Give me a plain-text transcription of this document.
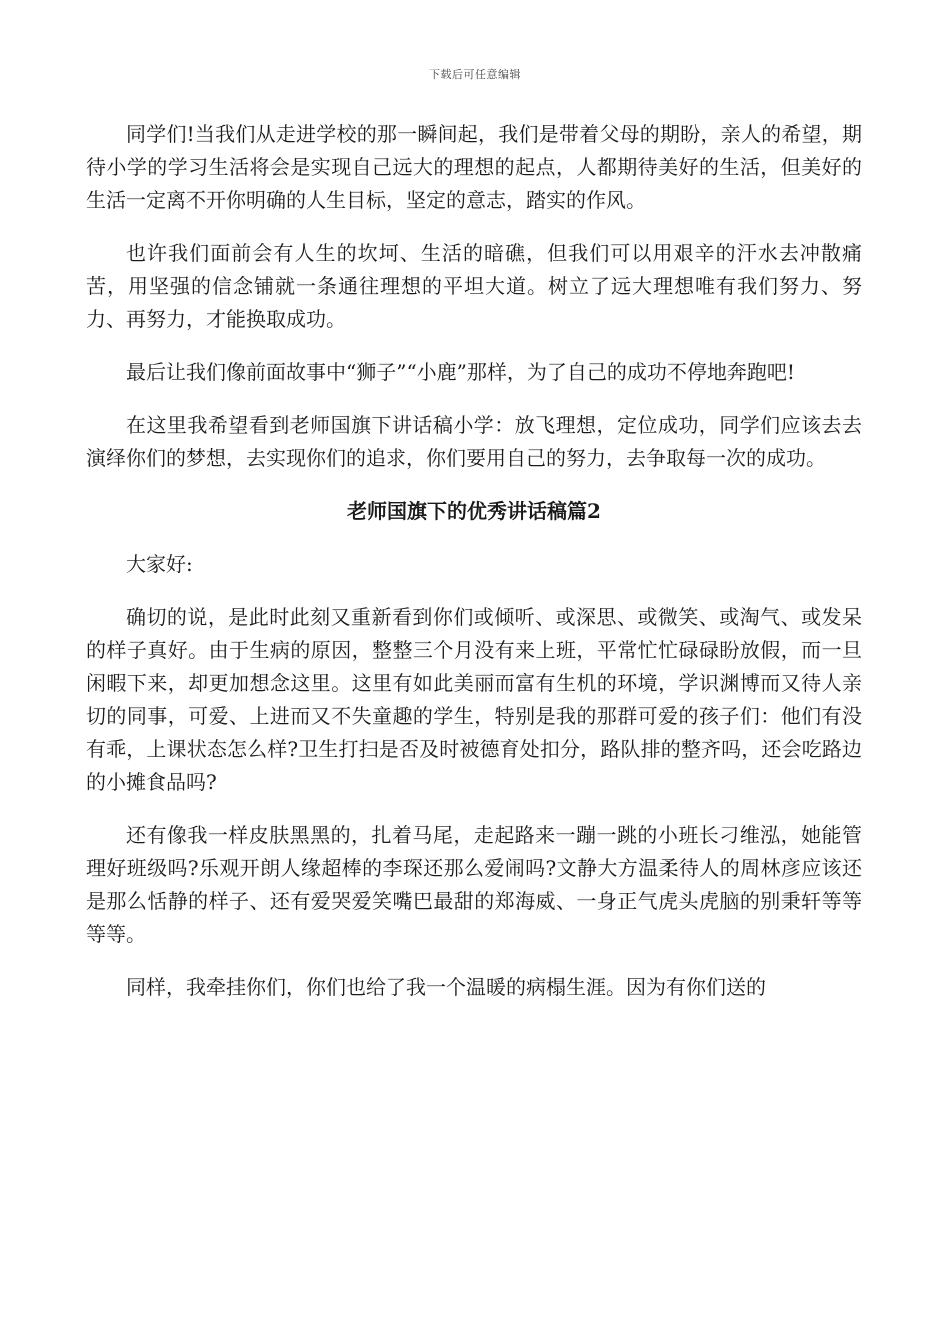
下载后可任意编辑

同学们!当我们从走进学校的那一瞬间起，我们是带着父母的期盼，亲人的希望，期待小学的学习生活将会是实现自己远大的理想的起点，人都期待美好的生活，但美好的生活一定离不开你明确的人生目标，坚定的意志，踏实的作风。

也许我们面前会有人生的坎坷、生活的暗礁，但我们可以用艰辛的汗水去冲散痛苦，用坚强的信念铺就一条通往理想的平坦大道。树立了远大理想唯有我们努力、努力、再努力，才能换取成功。

最后让我们像前面故事中“狮子”“小鹿”那样，为了自己的成功不停地奔跑吧!

在这里我希望看到老师国旗下讲话稿小学：放飞理想，定位成功，同学们应该去去演绎你们的梦想，去实现你们的追求，你们要用自己的努力，去争取每一次的成功。

老师国旗下的优秀讲话稿篇2

大家好:

确切的说，是此时此刻又重新看到你们或倾听、或深思、或微笑、或淘气、或发呆的样子真好。由于生病的原因，整整三个月没有来上班，平常忙忙碌碌盼放假，而一旦闲暇下来，却更加想念这里。这里有如此美丽而富有生机的环境，学识渊博而又待人亲切的同事，可爱、上进而又不失童趣的学生，特别是我的那群可爱的孩子们：他们有没有乖，上课状态怎么样?卫生打扫是否及时被德育处扣分，路队排的整齐吗，还会吃路边的小摊食品吗?

还有像我一样皮肤黑黑的，扎着马尾，走起路来一蹦一跳的小班长刁维泓，她能管理好班级吗?乐观开朗人缘超棒的李琛还那么爱闹吗?文静大方温柔待人的周林彦应该还是那么恬静的样子、还有爱哭爱笑嘴巴最甜的郑海威、一身正气虎头虎脑的别秉轩等等等等。

同样，我牵挂你们，你们也给了我一个温暖的病榻生涯。因为有你们送的
